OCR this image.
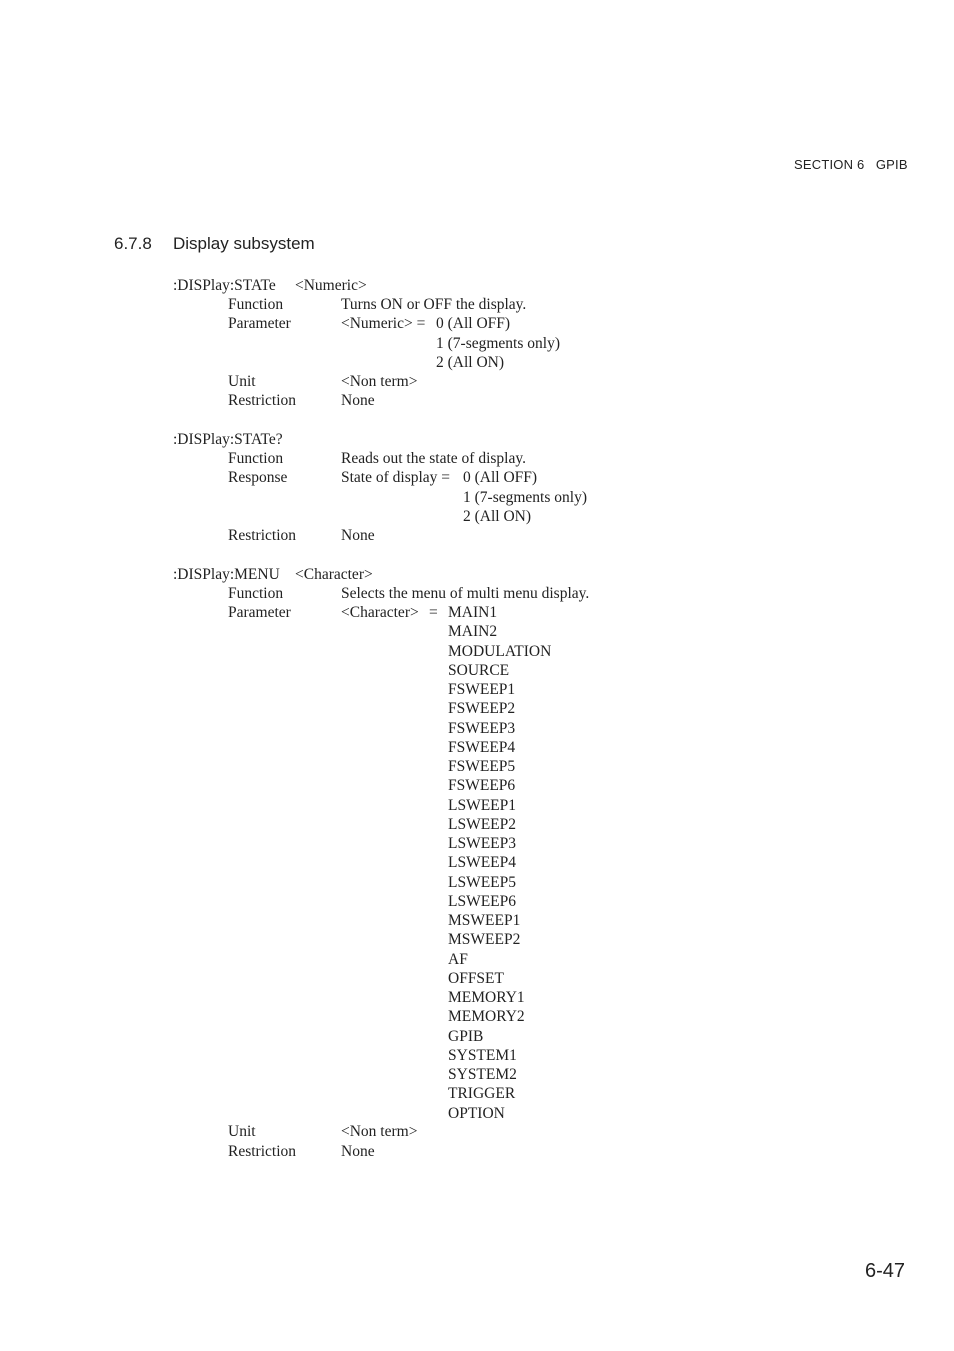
SECTION 6 GPIB
6.7.8 Display subsystem
:DISPlay:STATe <Numeric>
Function	Turns ON or OFF the display.
Parameter	<Numeric> = 0 (All OFF)
1 (7-segments only)
2 (All ON)
Unit	<Non term>
Restriction	None
:DISPlay:STATe?
Function	Reads out the state of display.
Response	State of display = 0 (All OFF)
1 (7-segments only)
2 (All ON)
Restriction	None
:DISPlay:MENU <Character>
Function	Selects the menu of multi menu display.
Parameter	<Character> = MAIN1
MAIN2
MODULATION
SOURCE
FSWEEP1
FSWEEP2
FSWEEP3
FSWEEP4
FSWEEP5
FSWEEP6
LSWEEP1
LSWEEP2
LSWEEP3
LSWEEP4
LSWEEP5
LSWEEP6
MSWEEP1
MSWEEP2
AF
OFFSET
MEMORY1
MEMORY2
GPIB
SYSTEM1
SYSTEM2
TRIGGER
OPTION
Unit	<Non term>
Restriction	None
6-47
